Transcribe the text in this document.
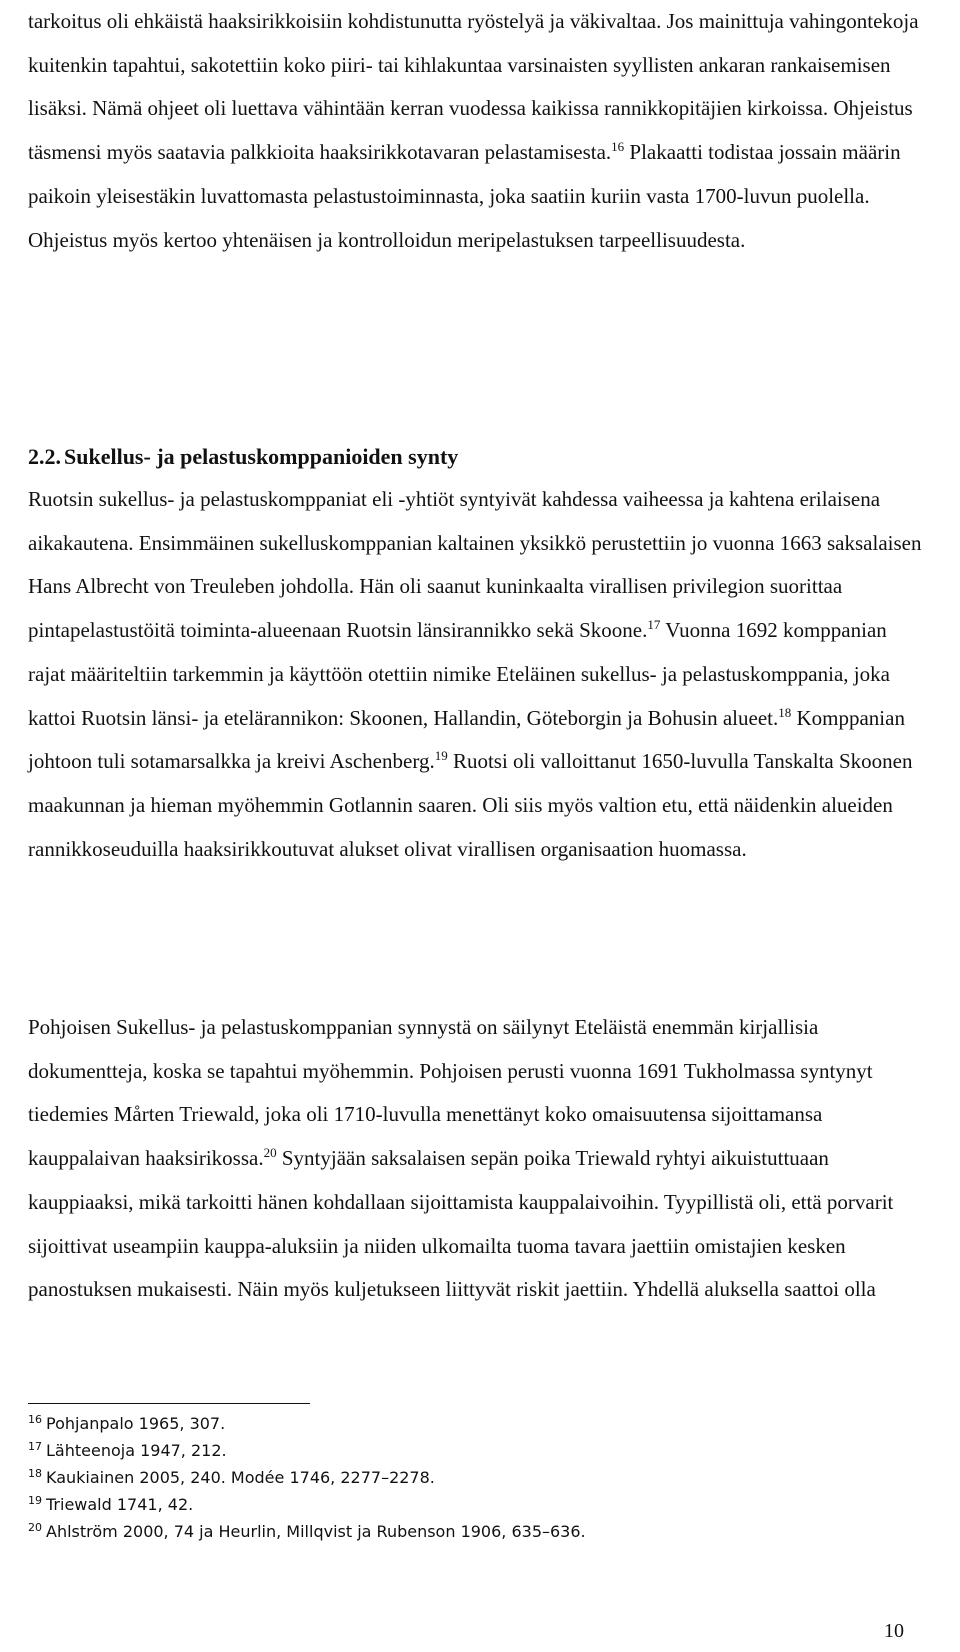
tarkoitus oli ehkäistä haaksirikkoisiin kohdistunutta ryöstelyä ja väkivaltaa. Jos mainittuja vahingontekoja kuitenkin tapahtui, sakotettiin koko piiri- tai kihlakuntaa varsinaisten syyllisten ankaran rankaisemisen lisäksi. Nämä ohjeet oli luettava vähintään kerran vuodessa kaikissa rannikkopitäjien kirkoissa. Ohjeistus täsmensi myös saatavia palkkioita haaksirikkotavaran pelastamisesta.$^{16}$ Plakaatti todistaa jossain määrin paikoin yleisestäkin luvattomasta pelastustoiminnasta, joka saatiin kuriin vasta 1700-luvun puolella. Ohjeistus myös kertoo yhtenäisen ja kontrolloidun meripelastuksen tarpeellisuudesta.
2.2. Sukellus- ja pelastuskomppanioiden synty
Ruotsin sukellus- ja pelastuskomppaniat eli -yhtiöt syntyivät kahdessa vaiheessa ja kahtena erilaisena aikakautena. Ensimmäinen sukelluskomppanian kaltainen yksikkö perustettiin jo vuonna 1663 saksalaisen Hans Albrecht von Treuleben johdolla. Hän oli saanut kuninkaalta virallisen privilegion suorittaa pintapelastustöitä toiminta-alueenaan Ruotsin länsirannikko sekä Skoone.$^{17}$ Vuonna 1692 komppanian rajat määriteltiin tarkemmin ja käyttöön otettiin nimike Eteläinen sukellus- ja pelastuskomppania, joka kattoi Ruotsin länsi- ja etelärannikon: Skoonen, Hallandin, Göteborgin ja Bohusin alueet.$^{18}$ Komppanian johtoon tuli sotamarsalkka ja kreivi Aschenberg.$^{19}$ Ruotsi oli valloittanut 1650-luvulla Tanskalta Skoonen maakunnan ja hieman myöhemmin Gotlannin saaren. Oli siis myös valtion etu, että näidenkin alueiden rannikkoseuduilla haaksirikkoutuvat alukset olivat virallisen organisaation huomassa.
Pohjoisen Sukellus- ja pelastuskomppanian synnystä on säilynyt Eteläistä enemmän kirjallisia dokumentteja, koska se tapahtui myöhemmin. Pohjoisen perusti vuonna 1691 Tukholmassa syntynyt tiedemies Mårten Triewald, joka oli 1710-luvulla menettänyt koko omaisuutensa sijoittamansa kauppalaivan haaksirikossa.$^{20}$ Syntyjään saksalaisen sepän poika Triewald ryhtyi aikuistuttuaan kauppiaaksi, mikä tarkoitti hänen kohdallaan sijoittamista kauppalaivoihin. Tyypillistä oli, että porvarit sijoittivat useampiin kauppa-aluksiin ja niiden ulkomailta tuoma tavara jaettiin omistajien kesken panostuksen mukaisesti. Näin myös kuljetukseen liittyvät riskit jaettiin. Yhdellä aluksella saattoi olla
$^{16}$ Pohjanpalo 1965, 307.
$^{17}$ Lähteenoja 1947, 212.
$^{18}$ Kaukiainen 2005, 240. Modée 1746, 2277–2278.
$^{19}$ Triewald 1741, 42.
$^{20}$ Ahlström 2000, 74 ja Heurlin, Millqvist ja Rubenson 1906, 635–636.
10
